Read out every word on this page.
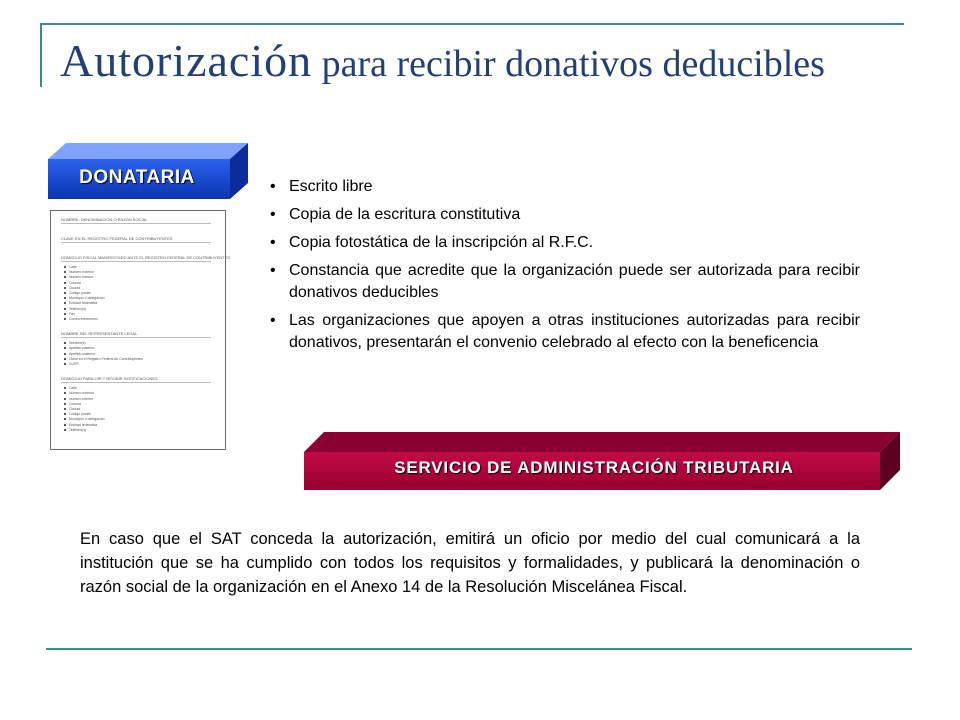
Autorización para recibir donativos deducibles
DONATARIA
NOMBRE, DENOMINACIÓN O RAZÓN SOCIAL
CLAVE EN EL REGISTRO FEDERAL DE CONTRIBUYENTES
DOMICILIO FISCAL MANIFESTADO ANTE EL REGISTRO FEDERAL DE CONTRIBUYENTES
Calle
Número exterior
Número interior
Colonia
Ciudad
Código postal
Municipio o delegación
Entidad federativa
Teléfono(s)
Fax
Correo electrónico
NOMBRE DEL REPRESENTANTE LEGAL
Nombre(s)
Apellido paterno
Apellido materno
Clave en el Registro Federal de Contribuyentes
CURP
DOMICILIO PARA OIR Y RECIBIR NOTIFICACIONES
Calle
Número exterior
Número interior
Colonia
Ciudad
Código postal
Municipio o delegación
Entidad federativa
Teléfono(s)
• Escrito libre
• Copia de la escritura constitutiva
• Copia fotostática de la inscripción al R.F.C.
• Constancia que acredite que la organización puede ser autorizada para recibir donativos deducibles
• Las organizaciones que apoyen a otras instituciones autorizadas para recibir donativos, presentarán el convenio celebrado al efecto con la beneficencia
SERVICIO DE ADMINISTRACIÓN TRIBUTARIA

En caso que el SAT conceda la autorización, emitirá un oficio por medio del cual comunicará a la institución que se ha cumplido con todos los requisitos y formalidades, y publicará la denominación o razón social de la organización en el Anexo 14 de la Resolución Miscelánea Fiscal.
